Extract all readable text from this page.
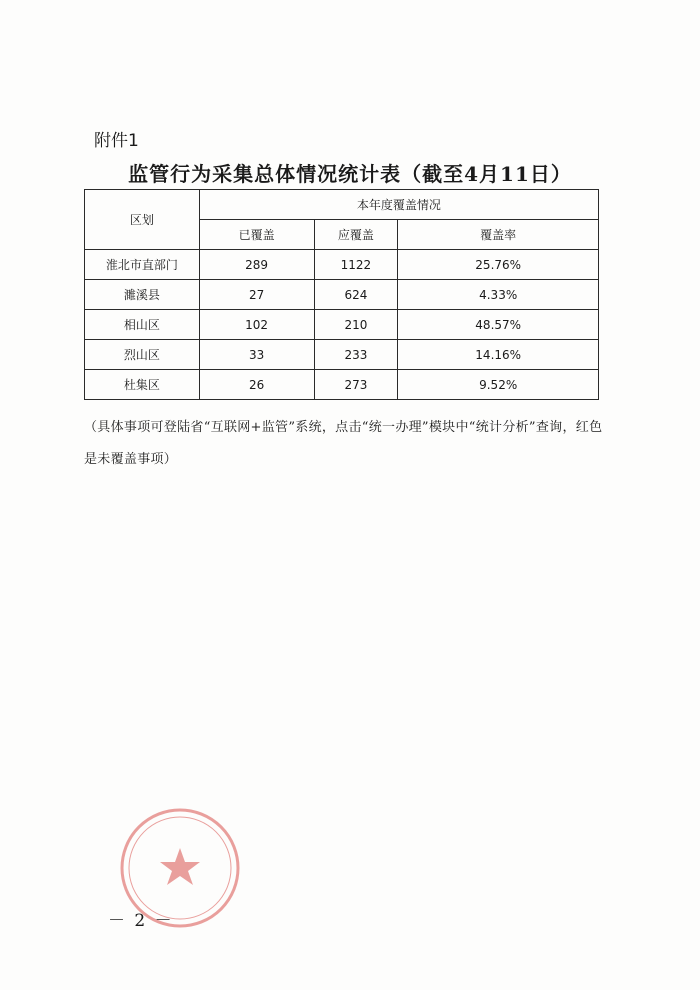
附件1
监管行为采集总体情况统计表（截至4月11日）
区划	本年度覆盖情况		
	已覆盖	应覆盖	覆盖率
淮北市直部门	289	1122	25.76%
濉溪县	27	624	4.33%
相山区	102	210	48.57%
烈山区	33	233	14.16%
杜集区	26	273	9.52%
（具体事项可登陆省“互联网+监管”系统，点击“统一办理”模块中“统计分析”查询，红色是未覆盖事项）
－ 2 －
